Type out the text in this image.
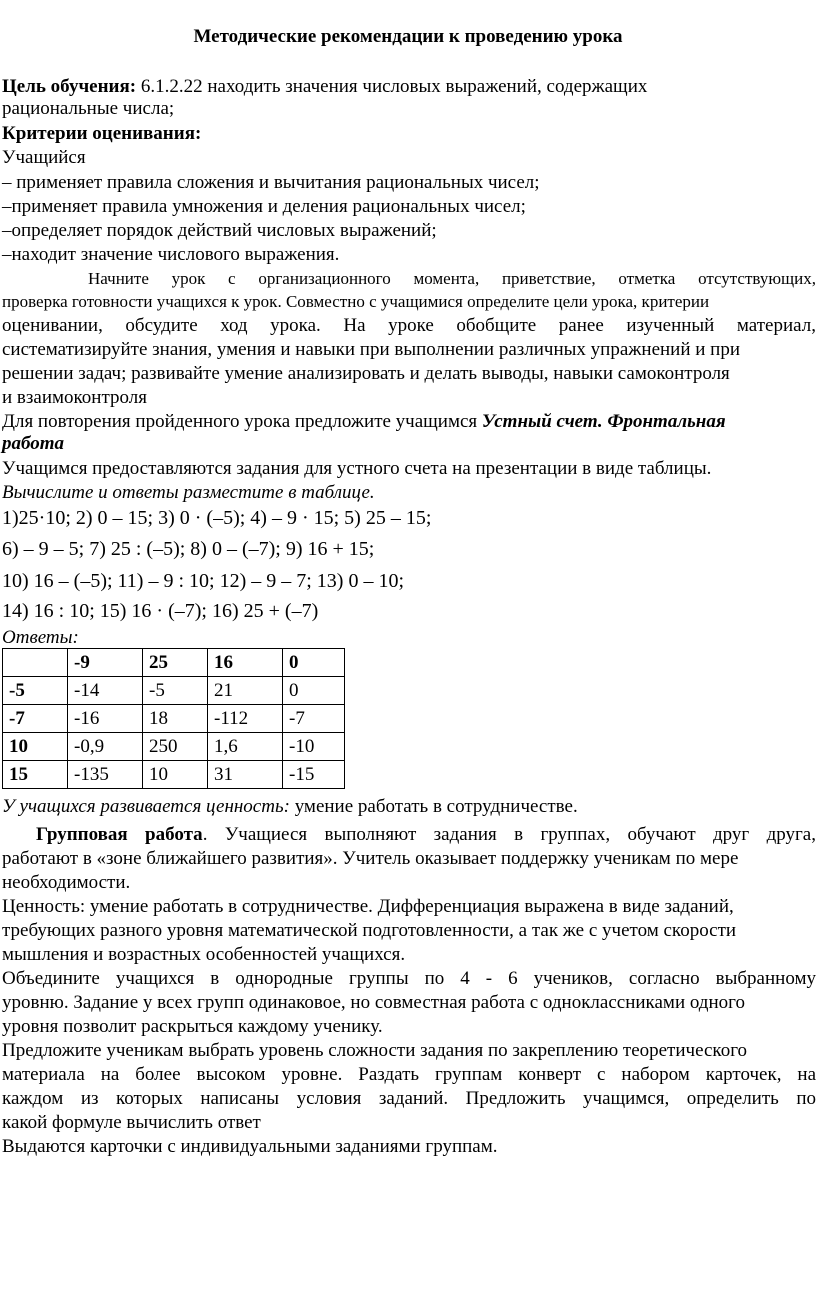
Методические рекомендации к проведению урока
Цель обучения: 6.1.2.22 находить значения числовых выражений, содержащих
рациональные числа;
Критерии оценивания:
Учащийся
– применяет правила сложения и вычитания рациональных чисел;
–применяет правила умножения и деления рациональных чисел;
–определяет порядок действий числовых выражений;
–находит значение числового выражения.
Начните урок с организационного момента, приветствие, отметка отсутствующих,
проверка готовности учащихся к урок. Совместно с учащимися определите цели урока, критерии
оценивании, обсудите ход урока. На уроке обобщите ранее изученный материал,
систематизируйте знания, умения и навыки при выполнении различных упражнений и при
решении задач; развивайте умение анализировать и делать выводы, навыки самоконтроля
и взаимоконтроля
Для повторения пройденного урока предложите учащимся Устный счет. Фронтальная
работа
Учащимся предоставляются задания для устного счета на презентации в виде таблицы.
Вычислите и ответы разместите в таблице.
1)25·10; 2) 0 – 15; 3) 0 · (–5); 4) – 9 · 15; 5) 25 – 15;
6) – 9 – 5; 7) 25 : (–5); 8) 0 – (–7); 9) 16 + 15;
10) 16 – (–5); 11) – 9 : 10; 12) – 9 – 7; 13) 0 – 10;
14) 16 : 10; 15) 16 · (–7); 16) 25 + (–7)
Ответы:
	-9	25	16	0
-5	-14	-5	21	0
-7	-16	18	-112	-7
10	-0,9	250	1,6	-10
15	-135	10	31	-15
У учащихся развивается ценность: умение работать в сотрудничестве.
Групповая работа. Учащиеся выполняют задания в группах, обучают друг друга,
работают в «зоне ближайшего развития». Учитель оказывает поддержку ученикам по мере
необходимости.
Ценность: умение работать в сотрудничестве. Дифференциация выражена в виде заданий,
требующих разного уровня математической подготовленности, а так же с учетом скорости
мышления и возрастных особенностей учащихся.
Объедините учащихся в однородные группы по 4 - 6 учеников, согласно выбранному
уровню. Задание у всех групп одинаковое, но совместная работа с одноклассниками одного
уровня позволит раскрыться каждому ученику.
Предложите ученикам выбрать уровень сложности задания по закреплению теоретического
материала на более высоком уровне. Раздать группам конверт с набором карточек, на
каждом из которых написаны условия заданий. Предложить учащимся, определить по
какой формуле вычислить ответ
Выдаются карточки с индивидуальными заданиями группам.
